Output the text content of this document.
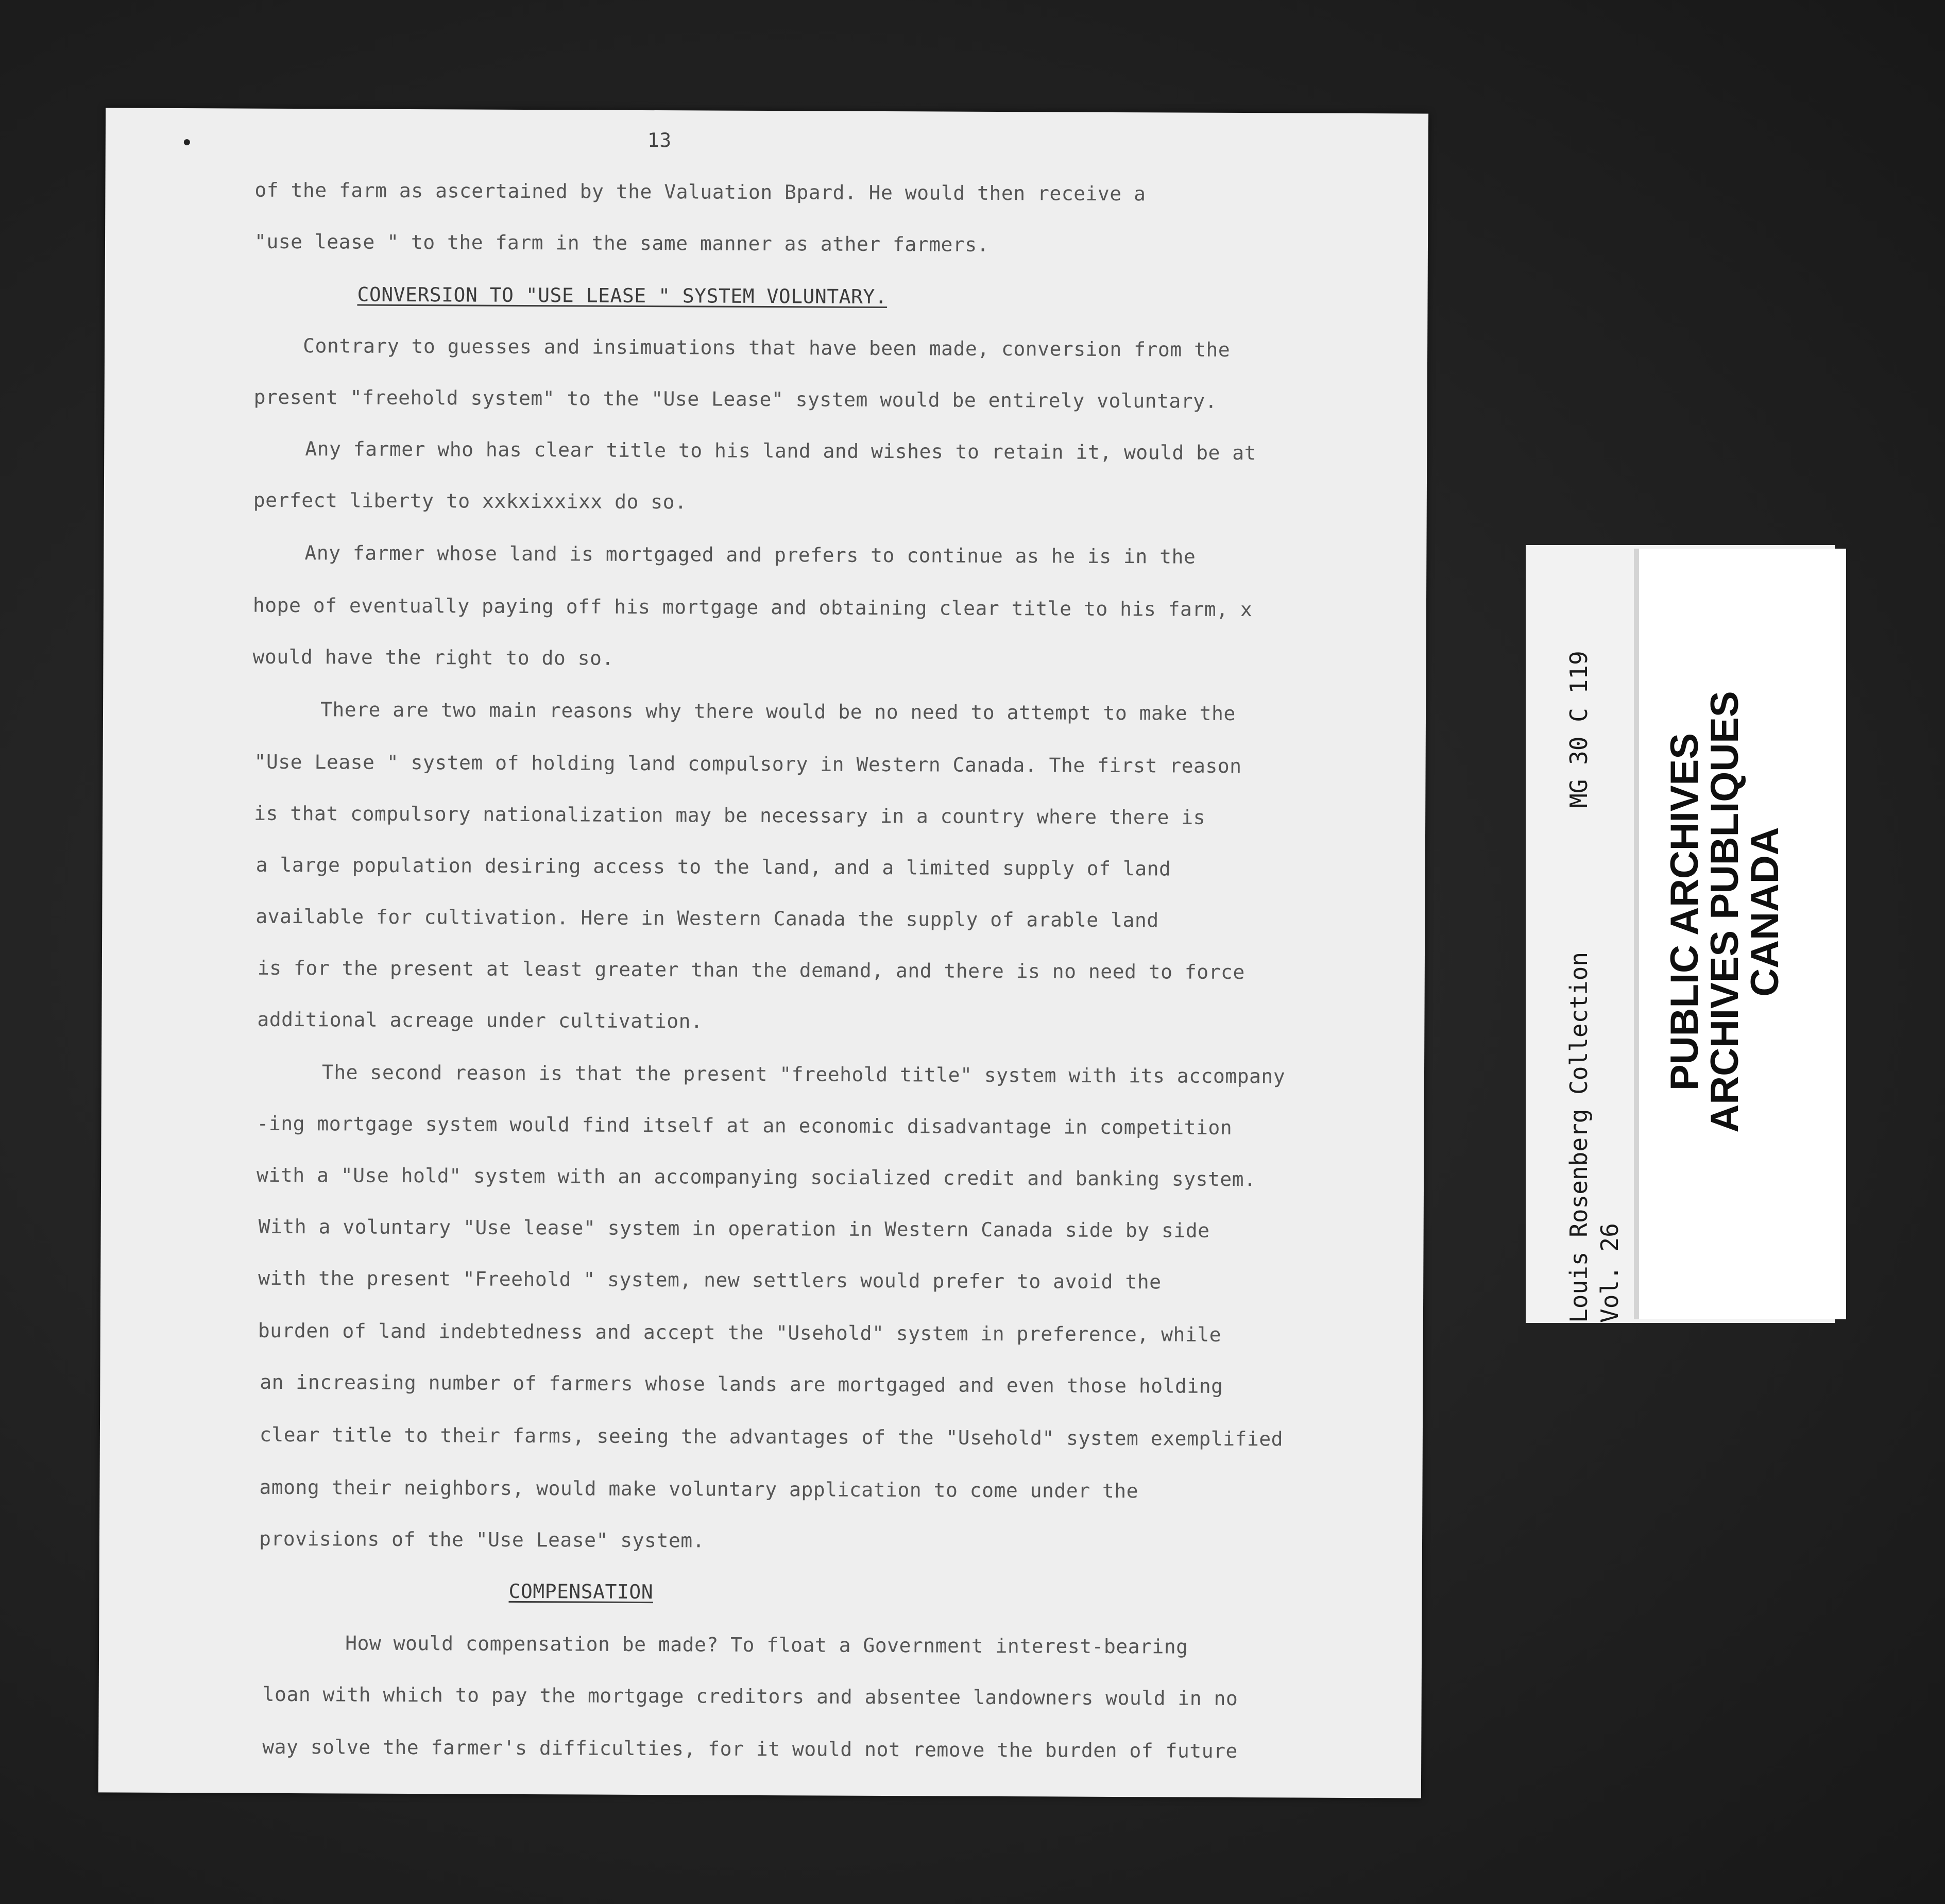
13
of the farm as ascertained by the Valuation Bpard. He would then receive a
"use lease " to the farm in the same manner as ather farmers.
CONVERSION TO "USE LEASE " SYSTEM VOLUNTARY.
Contrary to guesses and insimuations that have been made, conversion from the
present "freehold system" to the "Use Lease" system would be entirely voluntary.
Any farmer who has clear title to his land and wishes to retain it, would be at
perfect liberty to xxkxixxixx do so.
Any farmer whose land is mortgaged and prefers to continue as he is in the
hope of eventually paying off his mortgage and obtaining clear title to his farm, x
would have the right to do so.
There are two main reasons why there would be no need to attempt to make the
"Use Lease " system of holding land compulsory in Western Canada. The first reason
is that compulsory nationalization may be necessary in a country where there is
a large population desiring access to the land, and a limited supply of land
available for cultivation. Here in Western Canada the supply of arable land
is for the present at least greater than the demand, and there is no need to force
additional acreage under cultivation.
The second reason is that the present "freehold title" system with its accompany
-ing mortgage system would find itself at an economic disadvantage in competition
with a "Use hold" system with an accompanying socialized credit and banking system.
With a voluntary "Use lease" system in operation in Western Canada side by side
with the present "Freehold " system, new settlers would prefer to avoid the
burden of land indebtedness and accept the "Usehold" system in preference, while
an increasing number of farmers whose lands are mortgaged and even those holding
clear title to their farms, seeing the advantages of the "Usehold" system exemplified
among their neighbors, would make voluntary application to come under the
provisions of the "Use Lease" system.
COMPENSATION
How would compensation be made? To float a Government interest-bearing
loan with which to pay the mortgage creditors and absentee landowners would in no
way solve the farmer's difficulties, for it would not remove the burden of future
Louis Rosenberg Collection
MG 30 C 119
Vol. 26
PUBLIC ARCHIVES
ARCHIVES PUBLIQUES
CANADA
